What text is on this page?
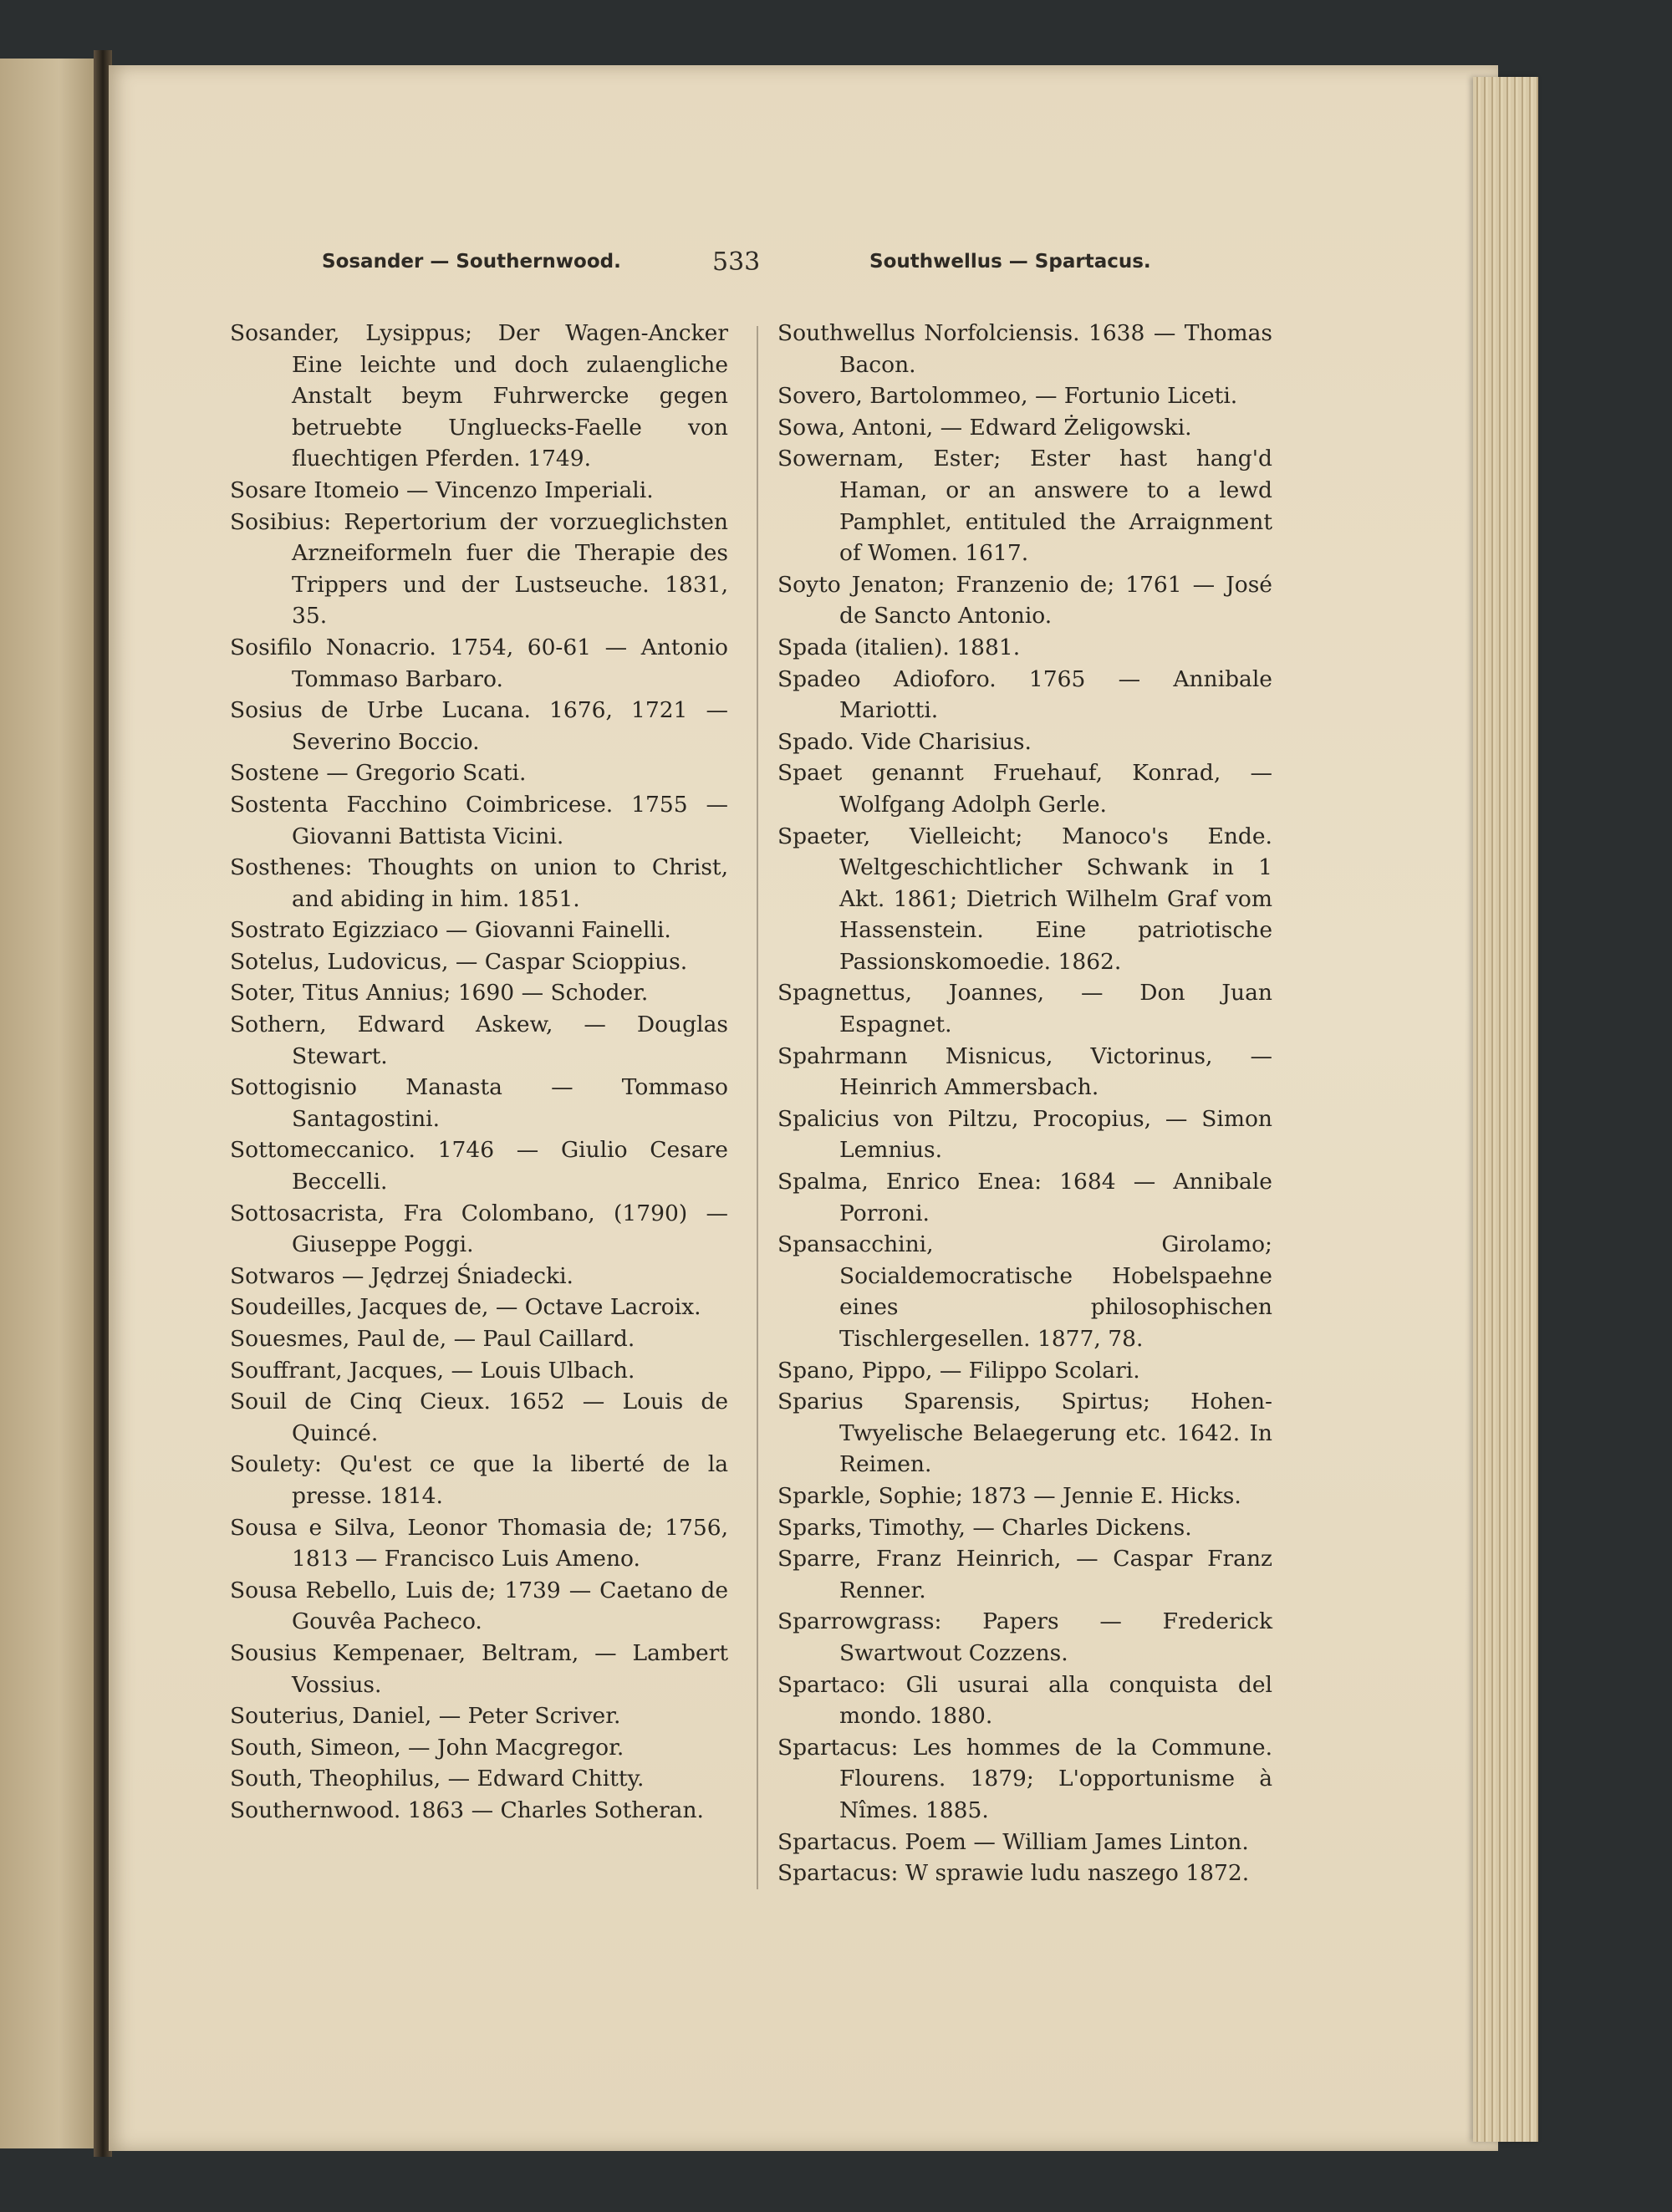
Sosander — Southernwood.	533	Southwellus — Spartacus.

Sosander, Lysippus; Der Wagen-Ancker Eine leichte und doch zulaengliche Anstalt beym Fuhrwercke gegen betruebte Ungluecks-Faelle von fluechtigen Pferden. 1749.

Sosare Itomeio — Vincenzo Imperiali.

Sosibius: Repertorium der vorzueglichsten Arzneiformeln fuer die Therapie des Trippers und der Lustseuche. 1831, 35.

Sosifilo Nonacrio. 1754, 60-61 — Antonio Tommaso Barbaro.

Sosius de Urbe Lucana. 1676, 1721 — Severino Boccio.

Sostene — Gregorio Scati.

Sostenta Facchino Coimbricese. 1755 — Giovanni Battista Vicini.

Sosthenes: Thoughts on union to Christ, and abiding in him. 1851.

Sostrato Egizziaco — Giovanni Fainelli.

Sotelus, Ludovicus, — Caspar Scioppius.

Soter, Titus Annius; 1690 — Schoder.

Sothern, Edward Askew, — Douglas Stewart.

Sottogisnio Manasta — Tommaso Santagostini.

Sottomeccanico. 1746 — Giulio Cesare Beccelli.

Sottosacrista, Fra Colombano, (1790) — Giuseppe Poggi.

Sotwaros — Jędrzej Śniadecki.

Soudeilles, Jacques de, — Octave Lacroix.

Souesmes, Paul de, — Paul Caillard.

Souffrant, Jacques, — Louis Ulbach.

Souil de Cinq Cieux. 1652 — Louis de Quincé.

Soulety: Qu'est ce que la liberté de la presse. 1814.

Sousa e Silva, Leonor Thomasia de; 1756, 1813 — Francisco Luis Ameno.

Sousa Rebello, Luis de; 1739 — Caetano de Gouvêa Pacheco.

Sousius Kempenaer, Beltram, — Lambert Vossius.

Souterius, Daniel, — Peter Scriver.

South, Simeon, — John Macgregor.

South, Theophilus, — Edward Chitty.

Southernwood. 1863 — Charles Sotheran.

Southwellus Norfolciensis. 1638 — Thomas Bacon.

Sovero, Bartolommeo, — Fortunio Liceti.

Sowa, Antoni, — Edward Żeligowski.

Sowernam, Ester; Ester hast hang'd Haman, or an answere to a lewd Pamphlet, entituled the Arraignment of Women. 1617.

Soyto Jenaton; Franzenio de; 1761 — José de Sancto Antonio.

Spada (italien). 1881.

Spadeo Adioforo. 1765 — Annibale Mariotti.

Spado. Vide Charisius.

Spaet genannt Fruehauf, Konrad, — Wolfgang Adolph Gerle.

Spaeter, Vielleicht; Manoco's Ende. Weltgeschichtlicher Schwank in 1 Akt. 1861; Dietrich Wilhelm Graf vom Hassenstein. Eine patriotische Passionskomoedie. 1862.

Spagnettus, Joannes, — Don Juan Espagnet.

Spahrmann Misnicus, Victorinus, — Heinrich Ammersbach.

Spalicius von Piltzu, Procopius, — Simon Lemnius.

Spalma, Enrico Enea: 1684 — Annibale Porroni.

Spansacchini, Girolamo; Socialdemocratische Hobelspaehne eines philosophischen Tischlergesellen. 1877, 78.

Spano, Pippo, — Filippo Scolari.

Sparius Sparensis, Spirtus; Hohen-Twyelische Belaegerung etc. 1642. In Reimen.

Sparkle, Sophie; 1873 — Jennie E. Hicks.

Sparks, Timothy, — Charles Dickens.

Sparre, Franz Heinrich, — Caspar Franz Renner.

Sparrowgrass: Papers — Frederick Swartwout Cozzens.

Spartaco: Gli usurai alla conquista del mondo. 1880.

Spartacus: Les hommes de la Commune. Flourens. 1879; L'opportunisme à Nîmes. 1885.

Spartacus. Poem — William James Linton.

Spartacus: W sprawie ludu naszego 1872.
